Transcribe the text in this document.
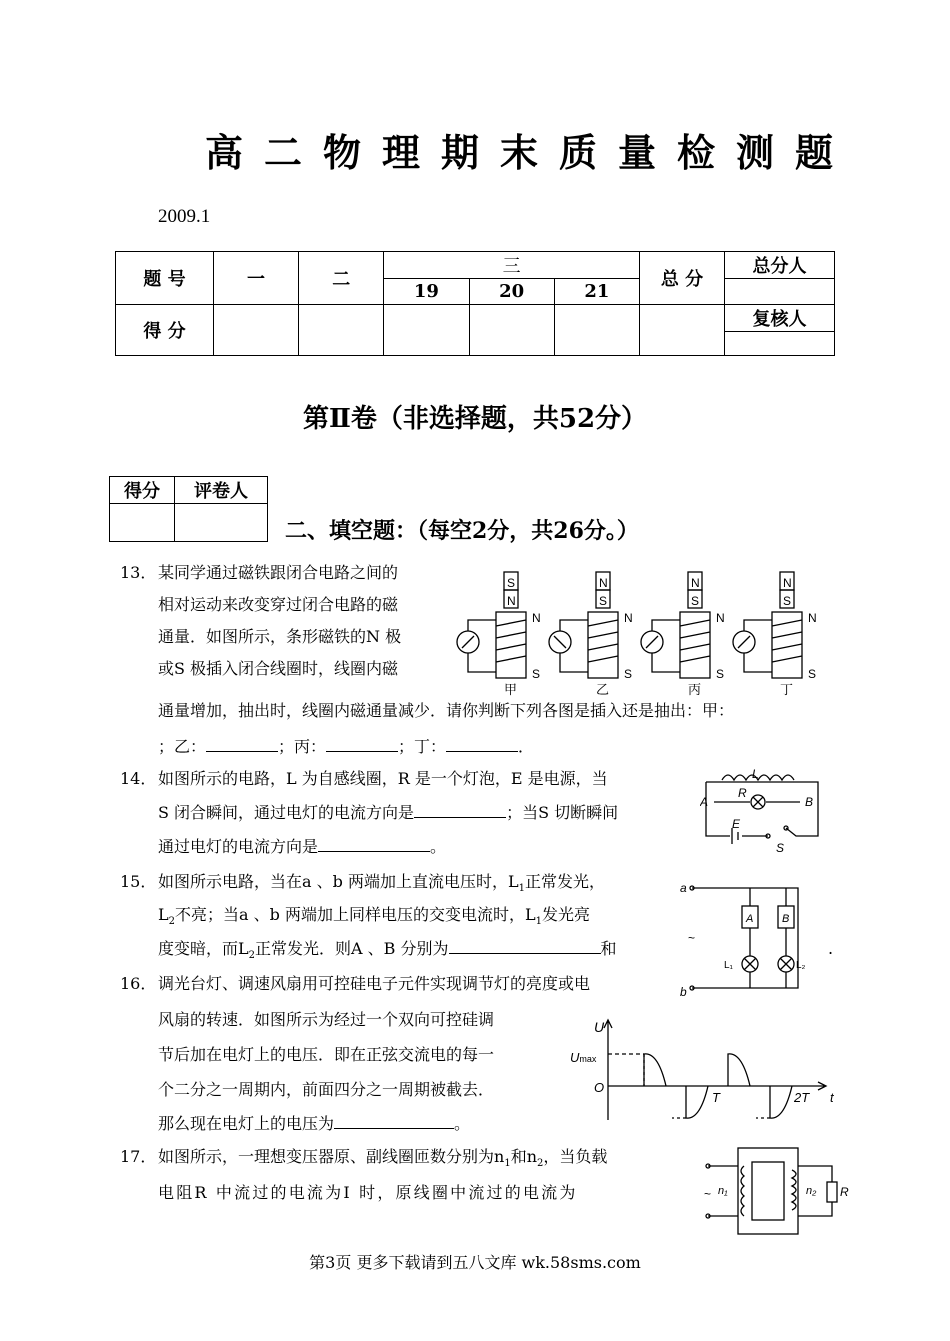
高二物理期末质量检测题
2009.1
题 号	一	二	三			总 分	总分人
			19	20	21		
得 分							复核人

第Ⅱ卷（非选择题，共52分）
得分	评卷人

二、填空题：（每空2分，共26分。）
13． 某同学通过磁铁跟闭合电路之间的
相对运动来改变穿过闭合电路的磁
通量．如图所示，条形磁铁的N 极
或S 极插入闭合线圈时，线圈内磁
通量增加，抽出时，线圈内磁通量减少．请你判断下列各图是插入还是抽出：甲：
；乙：	；丙：	；丁：	．
S
N
N
S
N
S
N
S
N
S
N
S
N
S
N
S
甲	乙	丙	丁
14． 如图所示的电路，L 为自感线圈，R 是一个灯泡，E 是电源，当
S 闭合瞬间，通过电灯的电流方向是	；当S 切断瞬间
通过电灯的电流方向是	。
L
A	B
R
E
S
15． 如图所示电路，当在a 、b 两端加上直流电压时，$L_1$正常发光，
$L_2$不亮；当a 、b 两端加上同样电压的交变电流时，$L_1$发光亮
度变暗，而$L_2$正常发光．则A 、B 分别为	和	.
a
b
~
A	B
L₁	L₂
16． 调光台灯、调速风扇用可控硅电子元件实现调节灯的亮度或电
风扇的转速．如图所示为经过一个双向可控硅调
节后加在电灯上的电压．即在正弦交流电的每一
个二分之一周期内，前面四分之一周期被截去．
那么现在电灯上的电压为	。
U
Umax
O
T	2T t
17． 如图所示，一理想变压器原、副线圈匝数分别为$n_1$和$n_2$，当负载
电阻R 中流过的电流为I 时，原线圈中流过的电流为	~ n₁	n₂ R
第3页 更多下载请到五八文库 wk.58sms.com
